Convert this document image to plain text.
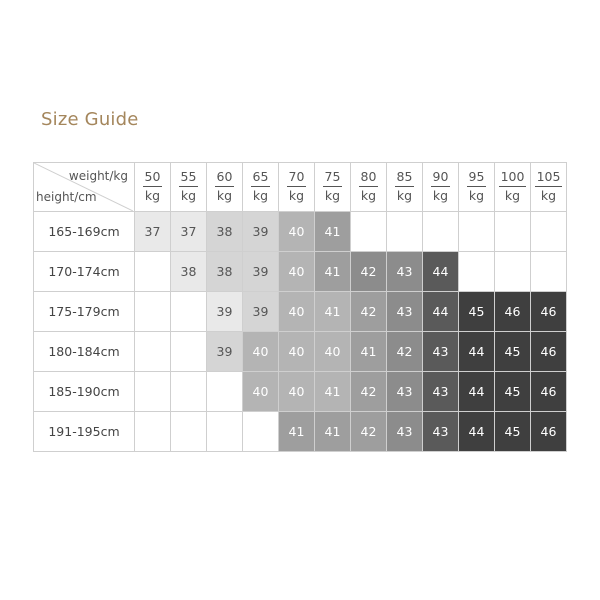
Size Guide
weight/kg
height/cm	$\frac{50}{kg}$	$\frac{55}{kg}$	$\frac{60}{kg}$	$\frac{65}{kg}$	$\frac{70}{kg}$	$\frac{75}{kg}$	$\frac{80}{kg}$	$\frac{85}{kg}$	$\frac{90}{kg}$	$\frac{95}{kg}$	$\frac{100}{kg}$	$\frac{105}{kg}$

165-169cm	37	37	38	39	40	41						
170-174cm		38	38	39	40	41	42	43	44			
175-179cm			39	39	40	41	42	43	44	45	46	46
180-184cm			39	40	40	40	41	42	43	44	45	46
185-190cm				40	40	41	42	43	43	44	45	46
191-195cm					41	41	42	43	43	44	45	46
